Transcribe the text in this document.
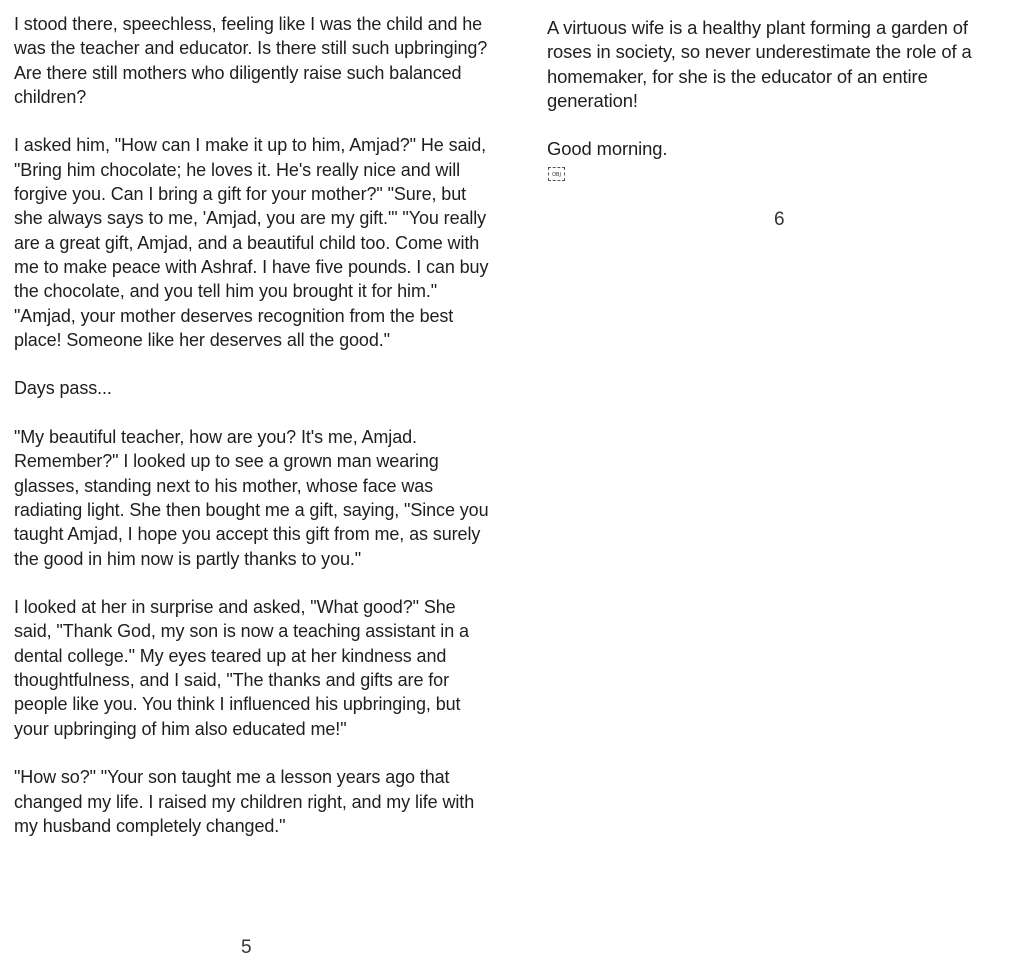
I stood there, speechless, feeling like I was the child and he was the teacher and educator. Is there still such upbringing? Are there still mothers who diligently raise such balanced children?

I asked him, "How can I make it up to him, Amjad?" He said, "Bring him chocolate; he loves it. He's really nice and will forgive you. Can I bring a gift for your mother?" "Sure, but she always says to me, 'Amjad, you are my gift.'" "You really are a great gift, Amjad, and a beautiful child too. Come with me to make peace with Ashraf. I have five pounds. I can buy the chocolate, and you tell him you brought it for him." "Amjad, your mother deserves recognition from the best place! Someone like her deserves all the good."

Days pass...

"My beautiful teacher, how are you? It's me, Amjad. Remember?" I looked up to see a grown man wearing glasses, standing next to his mother, whose face was radiating light. She then bought me a gift, saying, "Since you taught Amjad, I hope you accept this gift from me, as surely the good in him now is partly thanks to you."

I looked at her in surprise and asked, "What good?" She said, "Thank God, my son is now a teaching assistant in a dental college." My eyes teared up at her kindness and thoughtfulness, and I said, "The thanks and gifts are for people like you. You think I influenced his upbringing, but your upbringing of him also educated me!"

"How so?" "Your son taught me a lesson years ago that changed my life. I raised my children right, and my life with my husband completely changed."

5

A virtuous wife is a healthy plant forming a garden of roses in society, so never underestimate the role of a homemaker, for she is the educator of an entire generation!

Good morning.

OBJ
6
